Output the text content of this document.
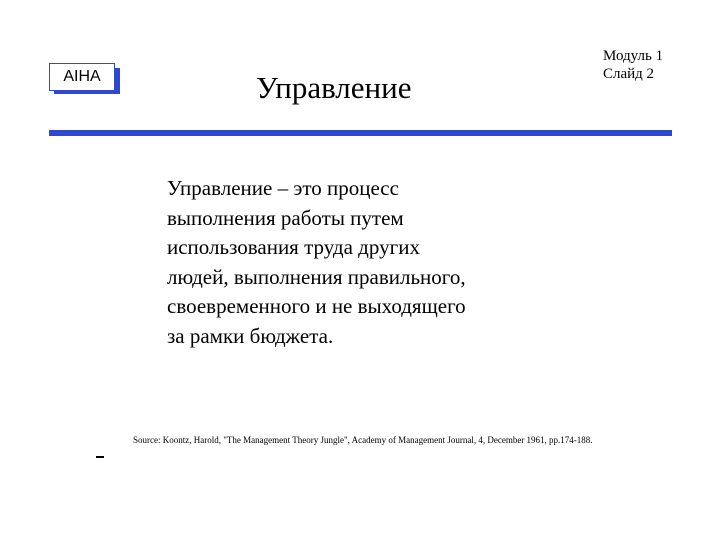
AIHA	Управление
Модуль 1
Слайд 2

Управление – это процесс
выполнения работы путем
использования труда других
людей, выполнения правильного,
своевременного и не выходящего
за рамки бюджета.

Source: Koontz, Harold, "The Management Theory Jungle", Academy of Management Journal, 4, December 1961, pp.174-188.
